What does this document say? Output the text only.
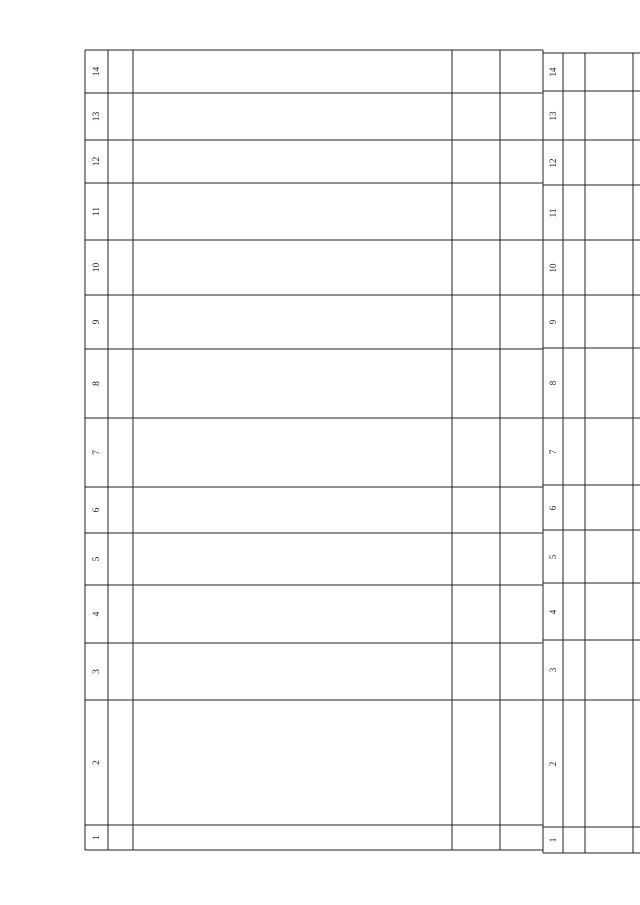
1
2
3
4
5
6
7
8
9
10
11
12
13
14
1
2
3
4
5
6
7
8
9
10
11
12
13
14
